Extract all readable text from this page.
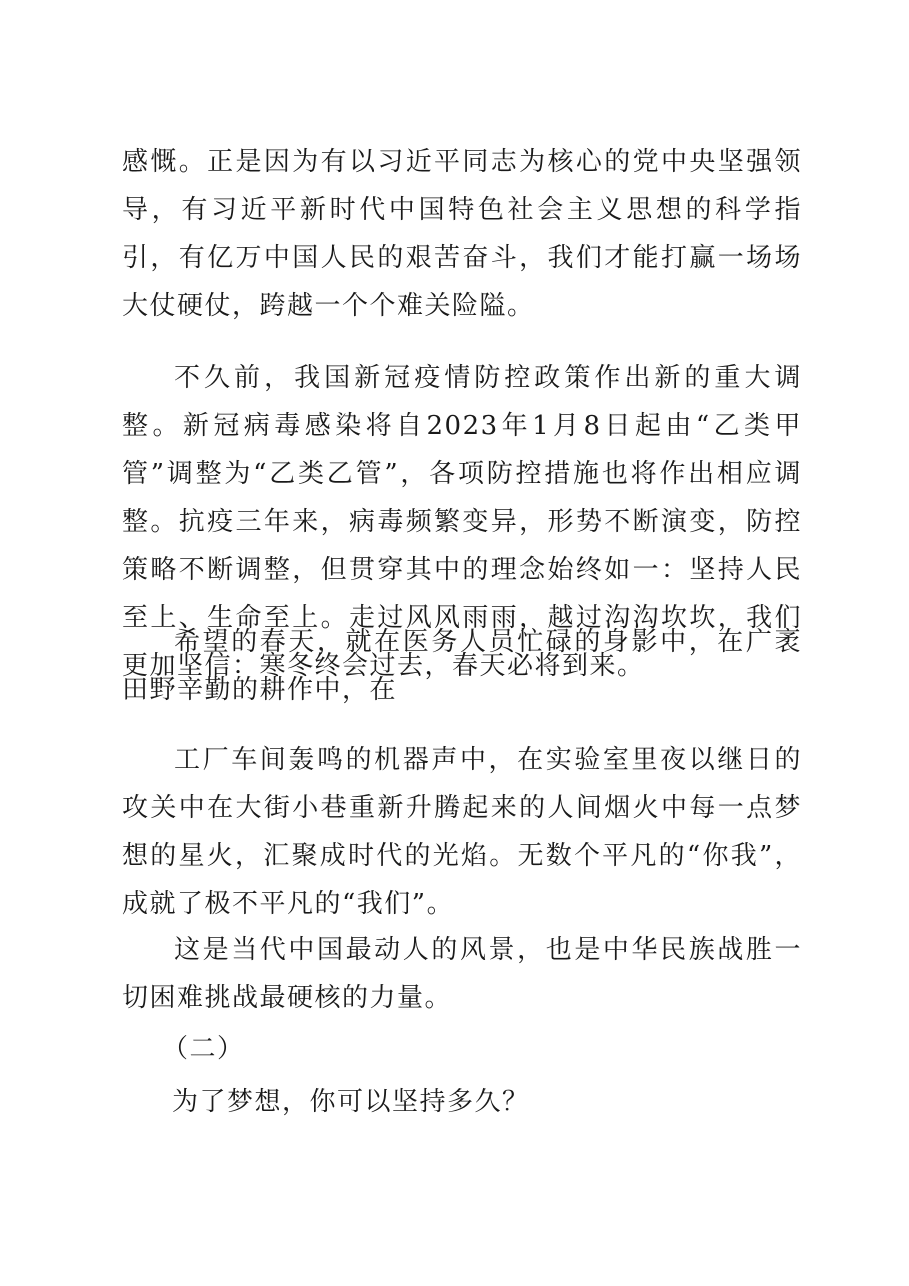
感慨。正是因为有以习近平同志为核心的党中央坚强领导，有习近平新时代中国特色社会主义思想的科学指引，有亿万中国人民的艰苦奋斗，我们才能打赢一场场大仗硬仗，跨越一个个难关险隘。

不久前，我国新冠疫情防控政策作出新的重大调整。新冠病毒感染将自2023年1月8日起由“乙类甲管”调整为“乙类乙管”，各项防控措施也将作出相应调整。抗疫三年来，病毒频繁变异，形势不断演变，防控策略不断调整，但贯穿其中的理念始终如一：坚持人民至上、生命至上。走过风风雨雨，越过沟沟坎坎，我们更加坚信：寒冬终会过去，春天必将到来。

希望的春天，就在医务人员忙碌的身影中，在广袤田野辛勤的耕作中，在

工厂车间轰鸣的机器声中，在实验室里夜以继日的攻关中在大街小巷重新升腾起来的人间烟火中每一点梦想的星火，汇聚成时代的光焰。无数个平凡的“你我”，成就了极不平凡的“我们”。

这是当代中国最动人的风景，也是中华民族战胜一切困难挑战最硬核的力量。

（二）

为了梦想，你可以坚持多久？
